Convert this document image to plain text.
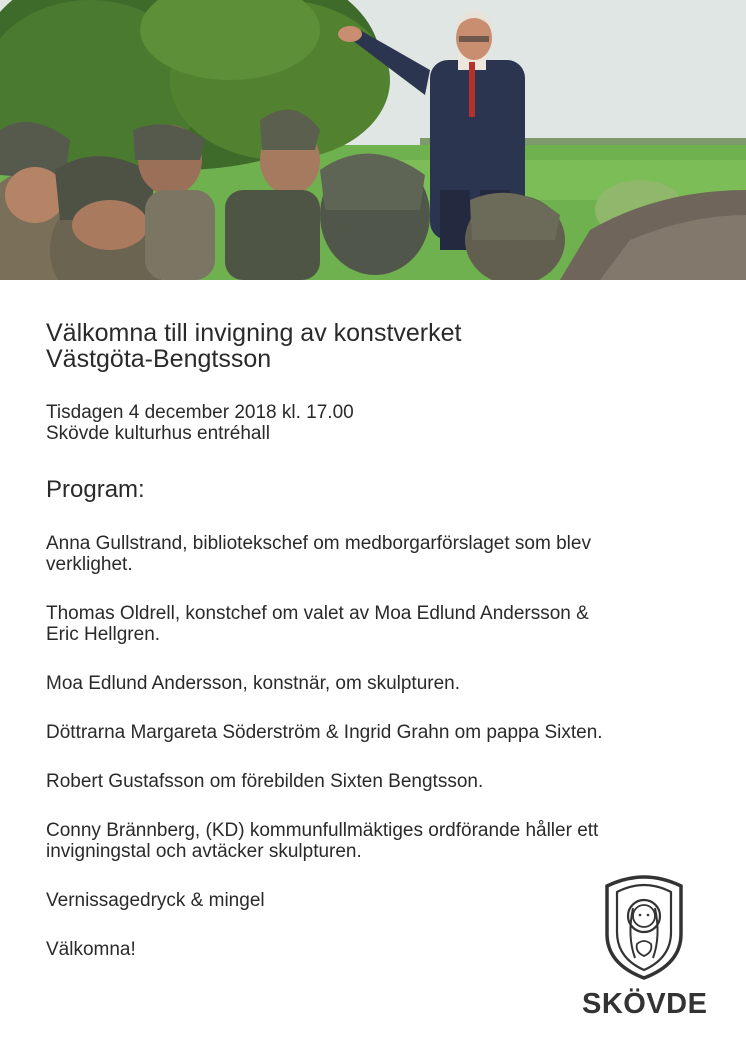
Välkomna till invigning av konstverket
Västgöta-Bengtsson
Tisdagen 4 december 2018 kl. 17.00
Skövde kulturhus entréhall
Program:
Anna Gullstrand, bibliotekschef om medborgarförslaget som blev
verklighet.
Thomas Oldrell, konstchef om valet av Moa Edlund Andersson &
Eric Hellgren.
Moa Edlund Andersson, konstnär, om skulpturen.
Döttrarna Margareta Söderström & Ingrid Grahn om pappa Sixten.
Robert Gustafsson om förebilden Sixten Bengtsson.
Conny Brännberg, (KD) kommunfullmäktiges ordförande håller ett
invigningstal och avtäcker skulpturen.
Vernissagedryck & mingel
Välkomna!
SKÖVDE
